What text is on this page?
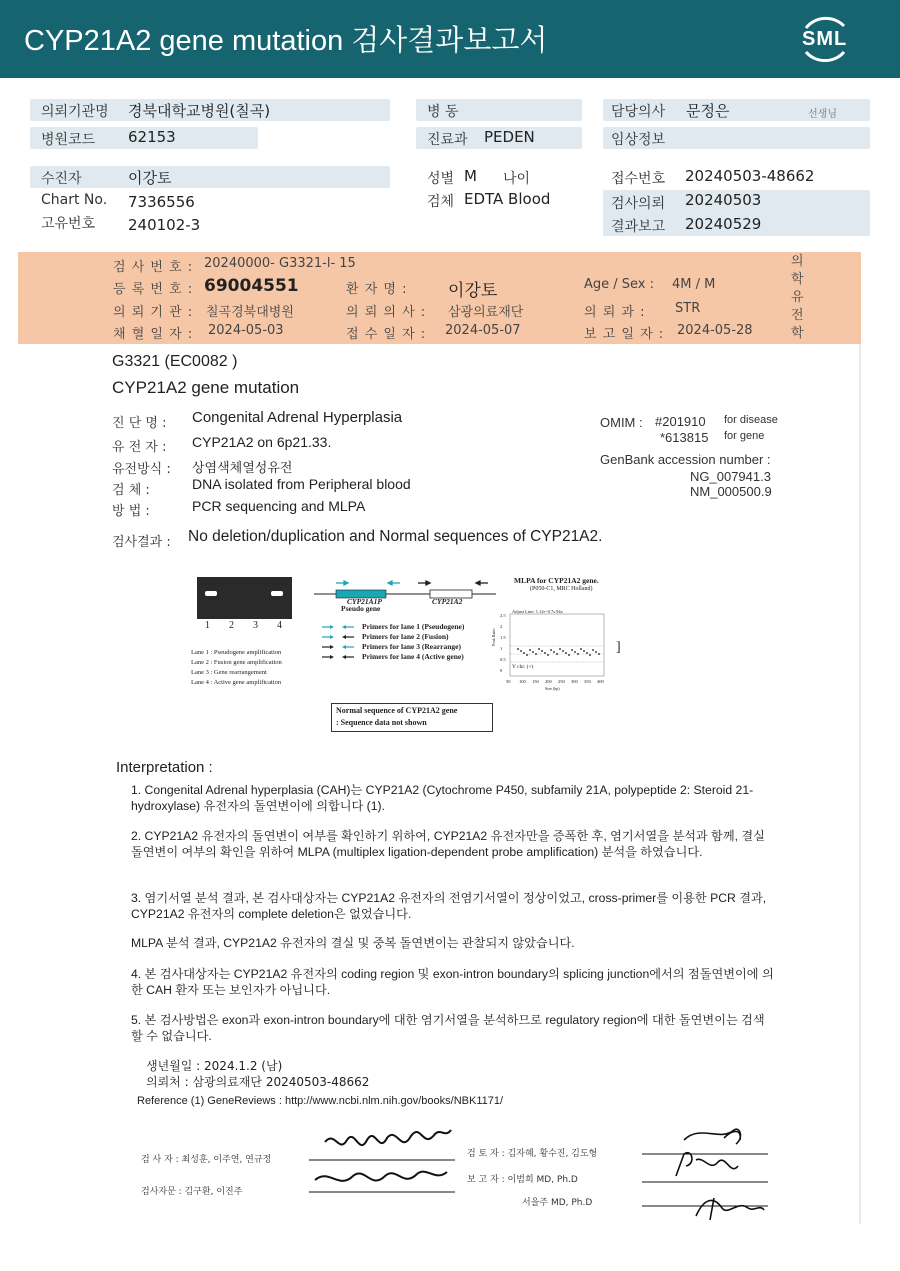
CYP21A2 gene mutation 검사결과보고서	SML
의뢰기관명 경북대학교병원(칠곡)
병원코드 62153
병 동
진료과 PEDEN
담당의사 문정은	선생님
임상정보
수진자	이강토
Chart No. 7336556
고유번호 240102-3
성별 M 나이
검체 EDTA Blood
접수번호 20240503-48662
검사의뢰 20240503
결과보고 20240529
검 사 번 호 : 20240000- G3321-l- 15
등 록 번 호 : 69004551	환 자 명 : 이강토	Age / Sex : 4M / M
의 뢰 기 관 : 칠곡경북대병원	의 뢰 의 사 : 삼광의료재단	의 뢰 과 : STR
채 혈 일 자 : 2024-05-03	접 수 일 자 : 2024-05-07	보 고 일 자 : 2024-05-28
의
학
유
전
학
G3321 (EC0082 )
CYP21A2 gene mutation
진 단 명 : Congenital Adrenal Hyperplasia
유 전 자 : CYP21A2 on 6p21.33.
유전방식 : 상염색체열성유전
검 체 :	DNA isolated from Peripheral blood
방 법 :	PCR sequencing and MLPA
OMIM : #201910 for disease
*613815 for gene
GenBank accession number :
NG_007941.3
NM_000500.9
검사결과 : No deletion/duplication and Normal sequences of CYP21A2.
1 2 3 4
Lane 1 : Pseudogene amplification
Lane 2 : Fusion gene amplification
Lane 3 : Gene rearrangement
Lane 4 : Active gene amplification
CYP21A1P
Pseudo gene
CYP21A2
Primers for lane 1 (Pseudogene)
Primers for lane 2 (Fusion)
Primers for lane 3 (Rearrange)
Primers for lane 4 (Active gene)
MLPA for CYP21A2 gene.
(P050-C1, MRC Holland)
Adjust Line: 1.14+-0.7s.94x
Y chr. (+)
Peak Ratio
Size (bp)
]
50 100 150 200 250 300 350 400
2.5
2
1.5
1
0.5
0
Normal sequence of CYP21A2 gene
: Sequence data not shown
Interpretation :
1. Congenital Adrenal hyperplasia (CAH)는 CYP21A2 (Cytochrome P450, subfamily 21A, polypeptide 2: Steroid 21-hydroxylase) 유전자의 돌연변이에 의합니다 (1).
2. CYP21A2 유전자의 돌연변이 여부를 확인하기 위하여, CYP21A2 유전자만을 증폭한 후, 염기서열을 분석과 함께, 결실돌연변이 여부의 확인을 위하여 MLPA (multiplex ligation-dependent probe amplification) 분석을 하였습니다.
3. 염기서열 분석 결과, 본 검사대상자는 CYP21A2 유전자의 전염기서열이 정상이었고, cross-primer를 이용한 PCR 결과, CYP21A2 유전자의 complete deletion은 없었습니다.
MLPA 분석 결과, CYP21A2 유전자의 결실 및 중복 돌연변이는 관찰되지 않았습니다.
4. 본 검사대상자는 CYP21A2 유전자의 coding region 및 exon-intron boundary의 splicing junction에서의 점돌연변이에 의한 CAH 환자 또는 보인자가 아닙니다.
5. 본 검사방법은 exon과 exon-intron boundary에 대한 염기서열을 분석하므로 regulatory region에 대한 돌연변이는 검색할 수 없습니다.
생년월일 : 2024.1.2 (남)
의뢰처 : 삼광의료재단 20240503-48662
Reference (1) GeneReviews : http://www.ncbi.nlm.nih.gov/books/NBK1171/
검 사 자 : 최성훈, 이주연, 연규정
검사자문 : 김구환, 이진주
검 토 자 : 김자혜, 황수진, 김도형
보 고 자 : 이범희 MD, Ph.D
서을주 MD, Ph.D
